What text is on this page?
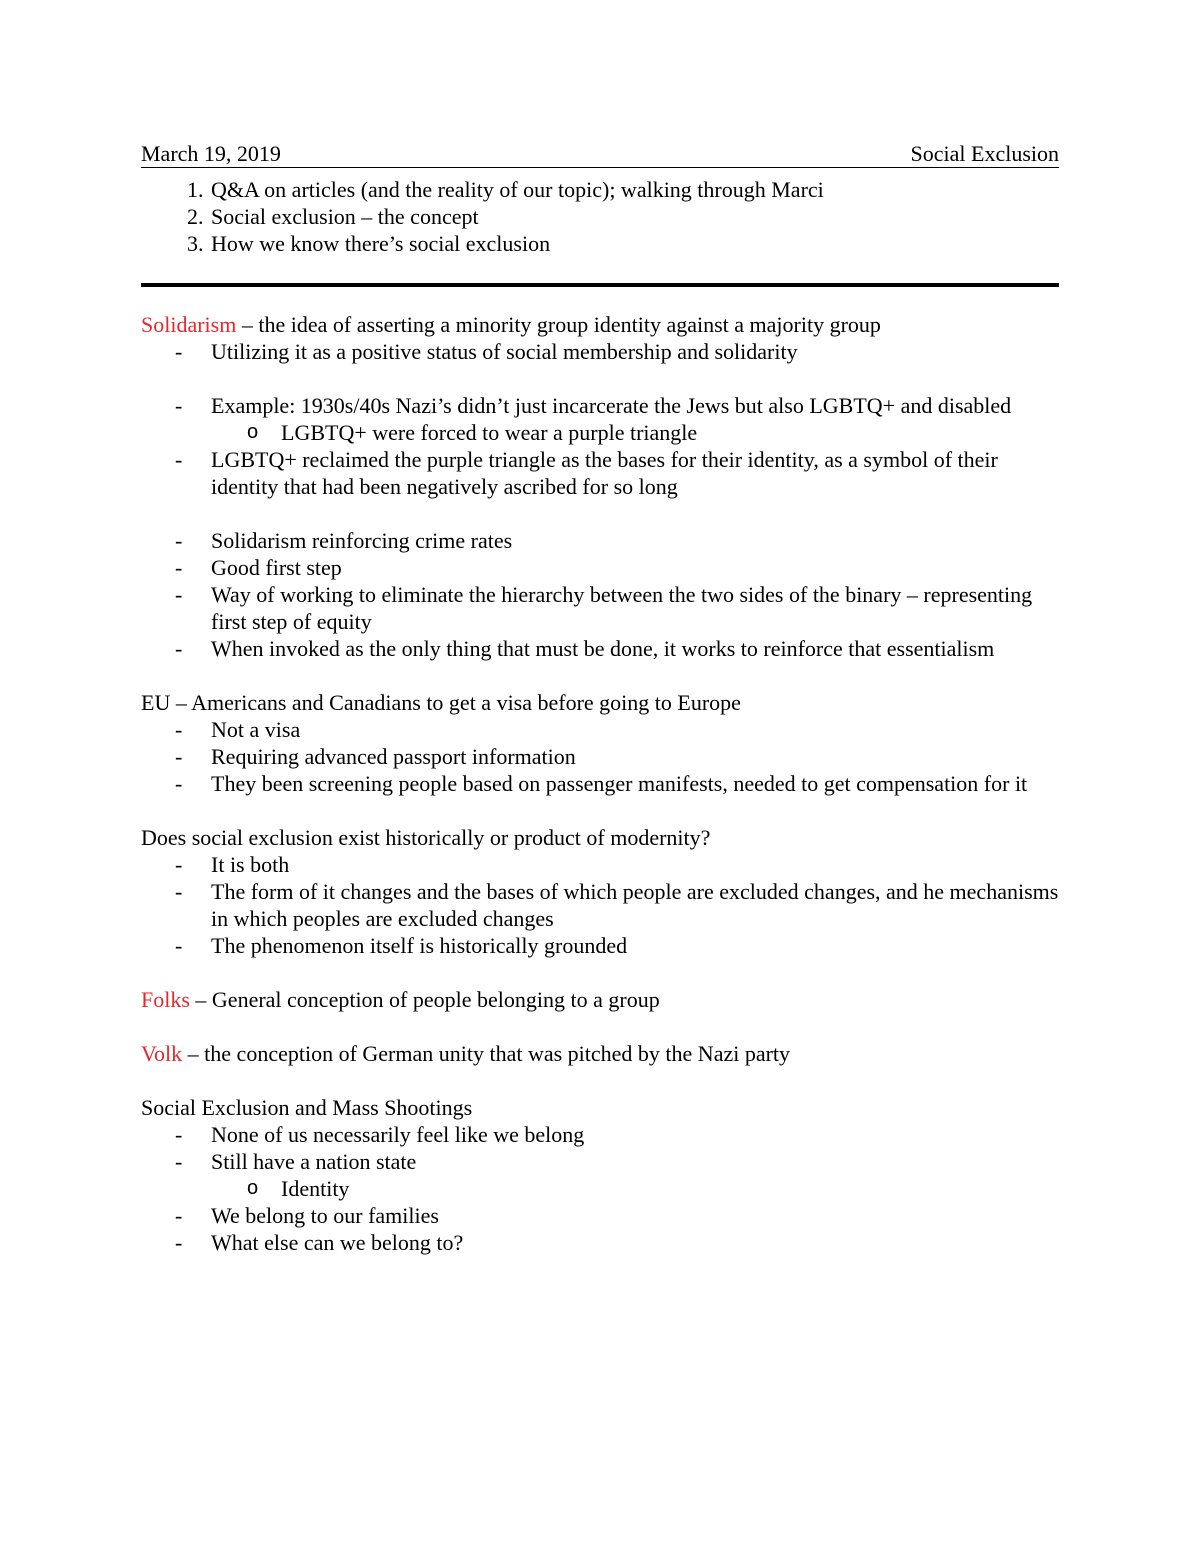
March 19, 2019	Social Exclusion
1. Q&A on articles (and the reality of our topic); walking through Marci
2. Social exclusion – the concept
3. How we know there’s social exclusion
Solidarism – the idea of asserting a minority group identity against a majority group
-	Utilizing it as a positive status of social membership and solidarity
-	Example: 1930s/40s Nazi’s didn’t just incarcerate the Jews but also LGBTQ+ and disabled
o	LGBTQ+ were forced to wear a purple triangle
-	LGBTQ+ reclaimed the purple triangle as the bases for their identity, as a symbol of their identity that had been negatively ascribed for so long
-	Solidarism reinforcing crime rates
-	Good first step
-	Way of working to eliminate the hierarchy between the two sides of the binary – representing first step of equity
-	When invoked as the only thing that must be done, it works to reinforce that essentialism
EU – Americans and Canadians to get a visa before going to Europe
-	Not a visa
-	Requiring advanced passport information
-	They been screening people based on passenger manifests, needed to get compensation for it
Does social exclusion exist historically or product of modernity?
-	It is both
-	The form of it changes and the bases of which people are excluded changes, and he mechanisms in which peoples are excluded changes
-	The phenomenon itself is historically grounded
Folks – General conception of people belonging to a group
Volk – the conception of German unity that was pitched by the Nazi party
Social Exclusion and Mass Shootings
-	None of us necessarily feel like we belong
-	Still have a nation state
o	Identity
-	We belong to our families
-	What else can we belong to?
